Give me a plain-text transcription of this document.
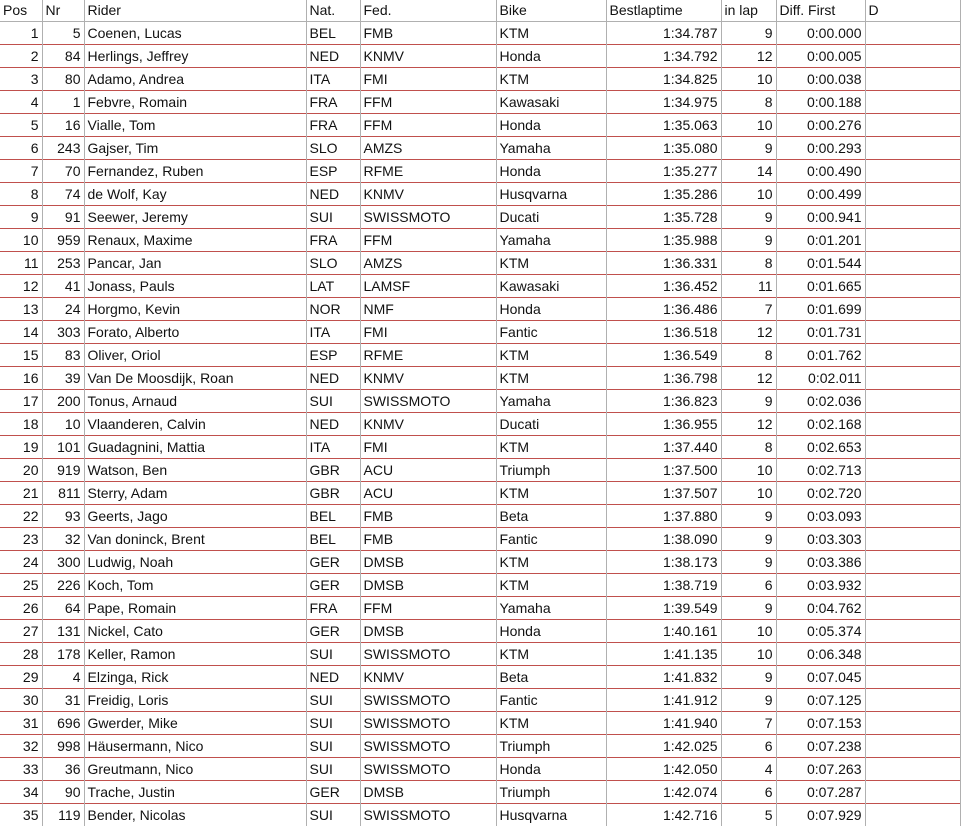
Pos	Nr	Rider	Nat.	Fed.	Bike	Bestlaptime	in lap	Diff. First	D
1	5	Coenen, Lucas	BEL	FMB	KTM	1:34.787	9	0:00.000	
2	84	Herlings, Jeffrey	NED	KNMV	Honda	1:34.792	12	0:00.005	
3	80	Adamo, Andrea	ITA	FMI	KTM	1:34.825	10	0:00.038	
4	1	Febvre, Romain	FRA	FFM	Kawasaki	1:34.975	8	0:00.188	
5	16	Vialle, Tom	FRA	FFM	Honda	1:35.063	10	0:00.276	
6	243	Gajser, Tim	SLO	AMZS	Yamaha	1:35.080	9	0:00.293	
7	70	Fernandez, Ruben	ESP	RFME	Honda	1:35.277	14	0:00.490	
8	74	de Wolf, Kay	NED	KNMV	Husqvarna	1:35.286	10	0:00.499	
9	91	Seewer, Jeremy	SUI	SWISSMOTO	Ducati	1:35.728	9	0:00.941	
10	959	Renaux, Maxime	FRA	FFM	Yamaha	1:35.988	9	0:01.201	
11	253	Pancar, Jan	SLO	AMZS	KTM	1:36.331	8	0:01.544	
12	41	Jonass, Pauls	LAT	LAMSF	Kawasaki	1:36.452	11	0:01.665	
13	24	Horgmo, Kevin	NOR	NMF	Honda	1:36.486	7	0:01.699	
14	303	Forato, Alberto	ITA	FMI	Fantic	1:36.518	12	0:01.731	
15	83	Oliver, Oriol	ESP	RFME	KTM	1:36.549	8	0:01.762	
16	39	Van De Moosdijk, Roan	NED	KNMV	KTM	1:36.798	12	0:02.011	
17	200	Tonus, Arnaud	SUI	SWISSMOTO	Yamaha	1:36.823	9	0:02.036	
18	10	Vlaanderen, Calvin	NED	KNMV	Ducati	1:36.955	12	0:02.168	
19	101	Guadagnini, Mattia	ITA	FMI	KTM	1:37.440	8	0:02.653	
20	919	Watson, Ben	GBR	ACU	Triumph	1:37.500	10	0:02.713	
21	811	Sterry, Adam	GBR	ACU	KTM	1:37.507	10	0:02.720	
22	93	Geerts, Jago	BEL	FMB	Beta	1:37.880	9	0:03.093	
23	32	Van doninck, Brent	BEL	FMB	Fantic	1:38.090	9	0:03.303	
24	300	Ludwig, Noah	GER	DMSB	KTM	1:38.173	9	0:03.386	
25	226	Koch, Tom	GER	DMSB	KTM	1:38.719	6	0:03.932	
26	64	Pape, Romain	FRA	FFM	Yamaha	1:39.549	9	0:04.762	
27	131	Nickel, Cato	GER	DMSB	Honda	1:40.161	10	0:05.374	
28	178	Keller, Ramon	SUI	SWISSMOTO	KTM	1:41.135	10	0:06.348	
29	4	Elzinga, Rick	NED	KNMV	Beta	1:41.832	9	0:07.045	
30	31	Freidig, Loris	SUI	SWISSMOTO	Fantic	1:41.912	9	0:07.125	
31	696	Gwerder, Mike	SUI	SWISSMOTO	KTM	1:41.940	7	0:07.153	
32	998	Häusermann, Nico	SUI	SWISSMOTO	Triumph	1:42.025	6	0:07.238	
33	36	Greutmann, Nico	SUI	SWISSMOTO	Honda	1:42.050	4	0:07.263	
34	90	Trache, Justin	GER	DMSB	Triumph	1:42.074	6	0:07.287	
35	119	Bender, Nicolas	SUI	SWISSMOTO	Husqvarna	1:42.716	5	0:07.929	
